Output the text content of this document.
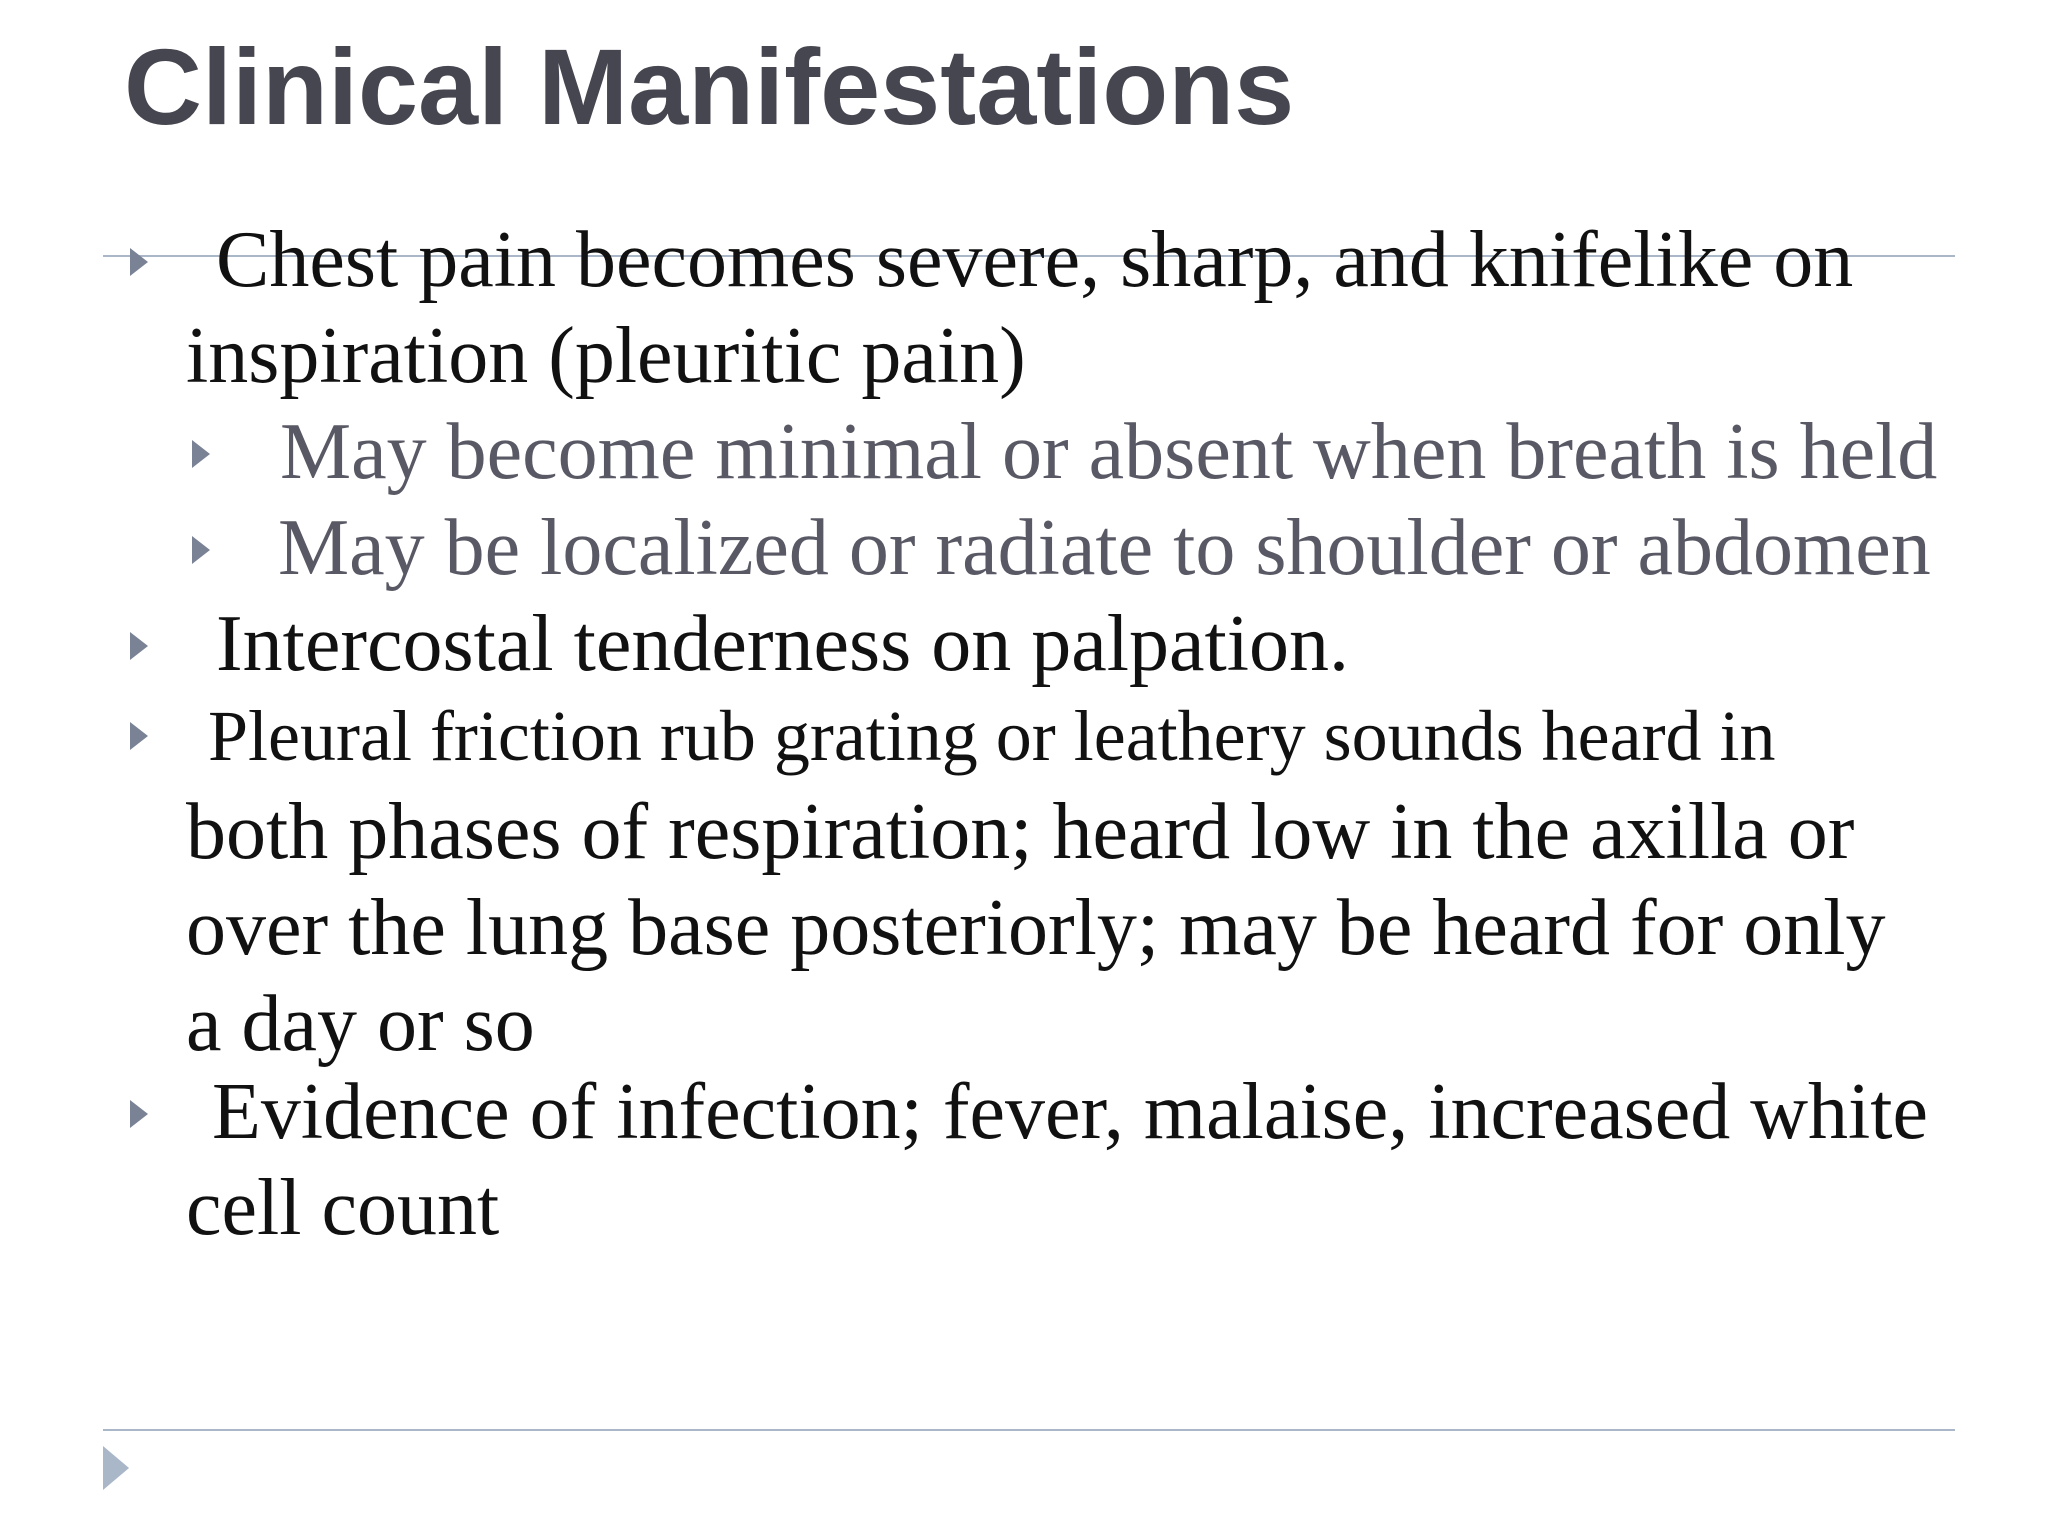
Clinical Manifestations
Chest pain becomes severe, sharp, and knifelike on
inspiration (pleuritic pain)
May become minimal or absent when breath is held
May be localized or radiate to shoulder or abdomen
Intercostal tenderness on palpation.
Pleural friction rub grating or leathery sounds heard in
both phases of respiration; heard low in the axilla or
over the lung base posteriorly; may be heard for only
a day or so
Evidence of infection; fever, malaise, increased white
cell count
